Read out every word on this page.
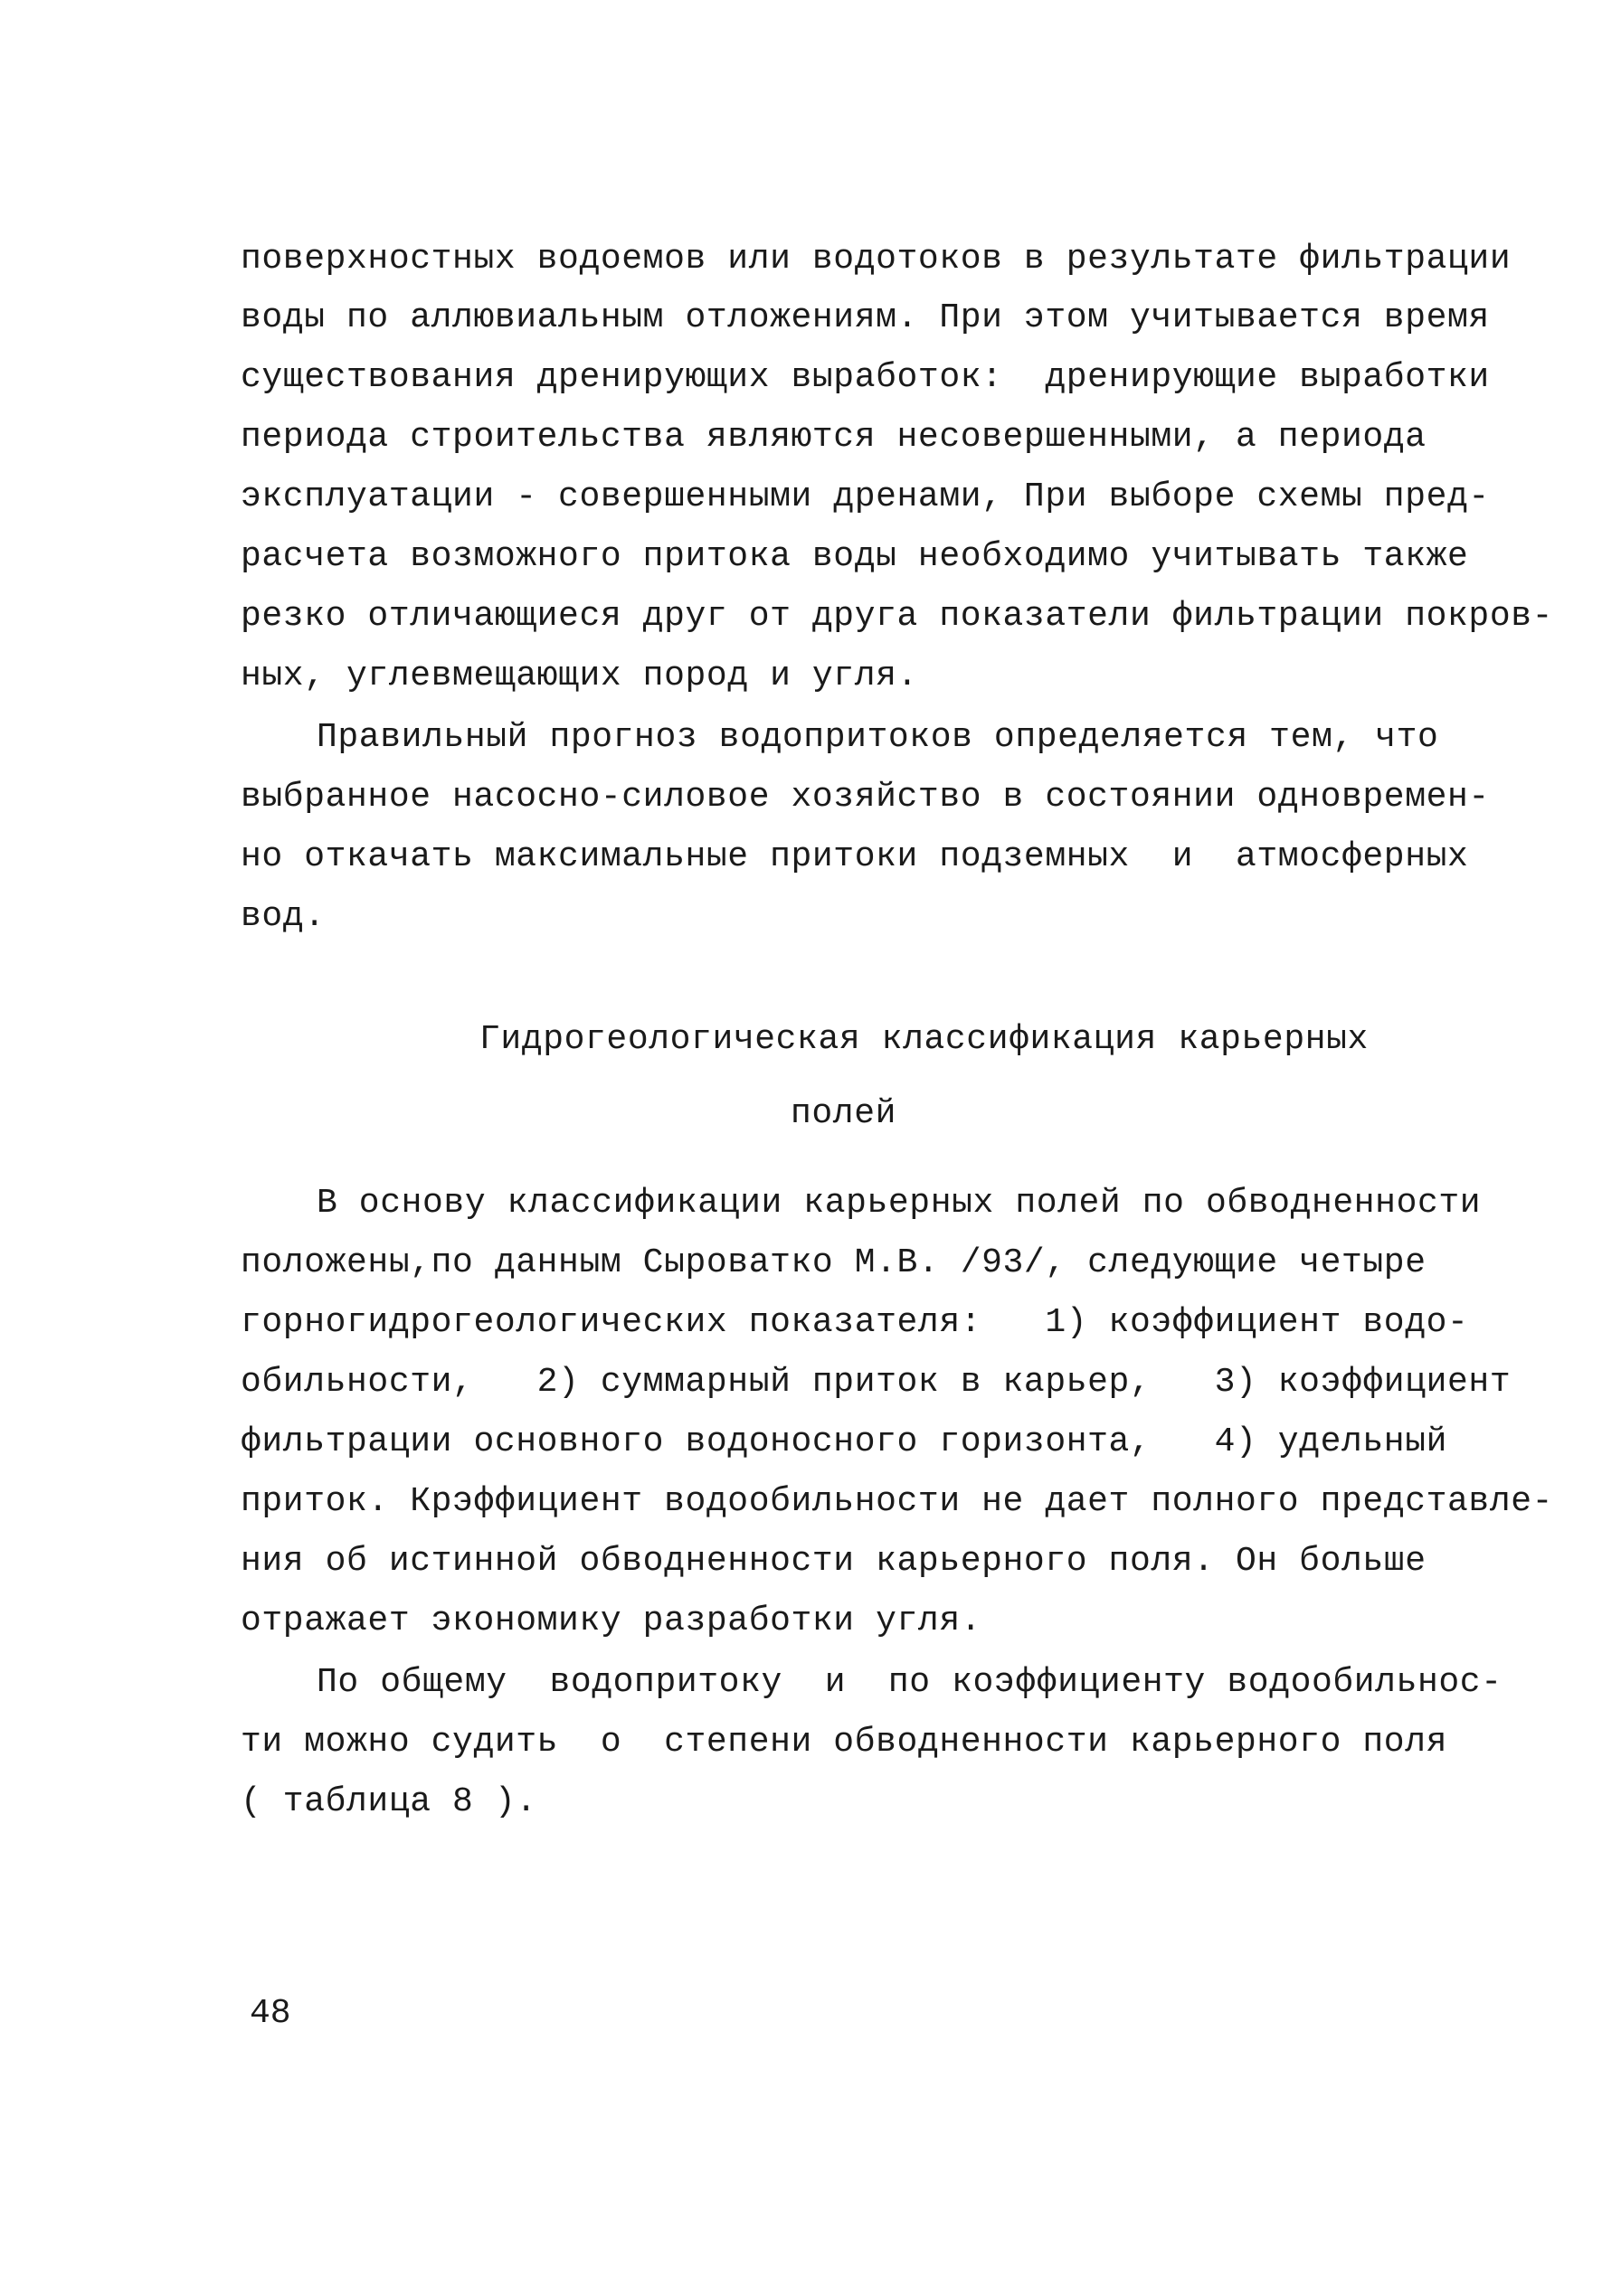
поверхностных водоемов или водотоков в результате фильтрации
воды по аллювиальным отложениям. При этом учитывается время
существования дренирующих выработок:  дренирующие выработки
периода строительства являются несовершенными, а периода
эксплуатации - совершенными дренами, При выборе схемы пред-
расчета возможного притока воды необходимо учитывать также
резко отличающиеся друг от друга показатели фильтрации покров-
ных, углевмещающих пород и угля.
Правильный прогноз водопритоков определяется тем, что
выбранное насосно-силовое хозяйство в состоянии одновремен-
но откачать максимальные притоки подземных  и  атмосферных
вод.
Гидрогеологическая классификация карьерных
полей
В основу классификации карьерных полей по обводненности
положены,по данным Сыроватко М.В. /93/, следующие четыре
горногидрогеологических показателя:   1) коэффициент водо-
обильности,   2) суммарный приток в карьер,   3) коэффициент
фильтрации основного водоносного горизонта,   4) удельный
приток. Крэффициент водообильности не дает полного представле-
ния об истинной обводненности карьерного поля. Он больше
отражает экономику разработки угля.
По общему  водопритоку  и  по коэффициенту водообильнос-
ти можно судить  о  степени обводненности карьерного поля
( таблица 8 ).
48
